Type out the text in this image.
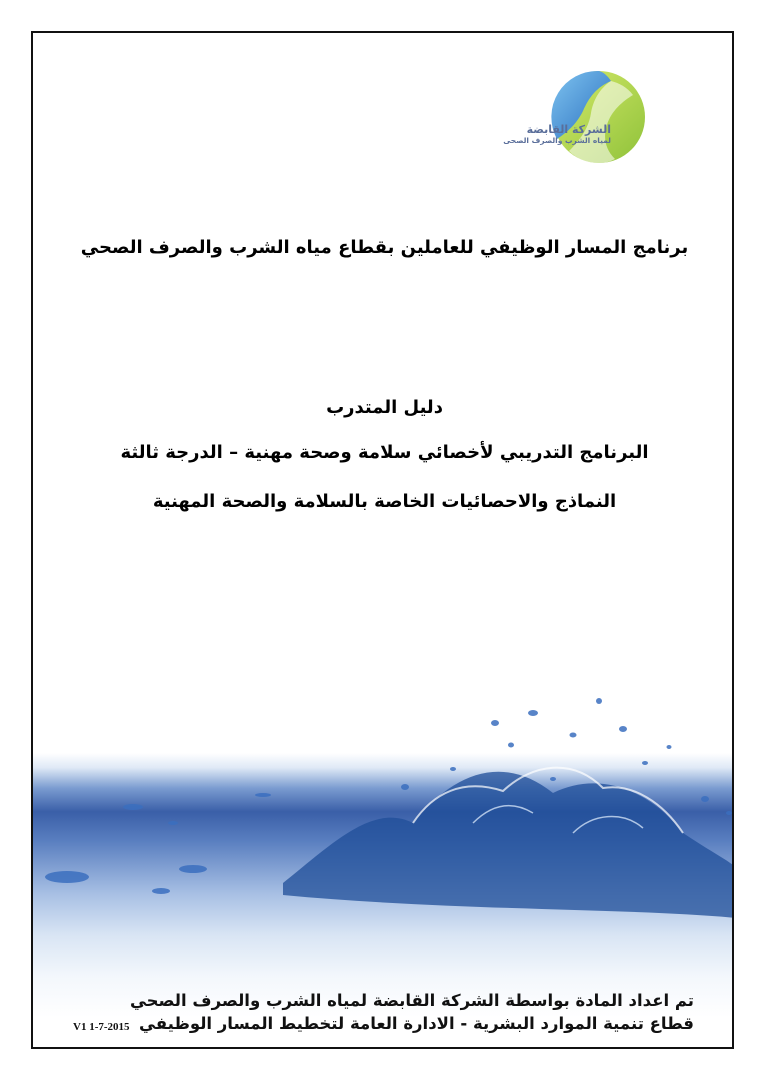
الشركة القابضة
لمياه الشرب والصرف الصحى
برنامج المسار الوظيفي للعاملين بقطاع مياه الشرب والصرف الصحي
دليل المتدرب
البرنامج التدريبي لأخصائي سلامة وصحة مهنية – الدرجة ثالثة
النماذج والاحصائيات الخاصة بالسلامة والصحة المهنية
تم اعداد المادة بواسطة الشركة القابضة لمياه الشرب والصرف الصحي
قطاع تنمية الموارد البشرية - الادارة العامة لتخطيط المسار الوظيفي
V1 1-7-2015
